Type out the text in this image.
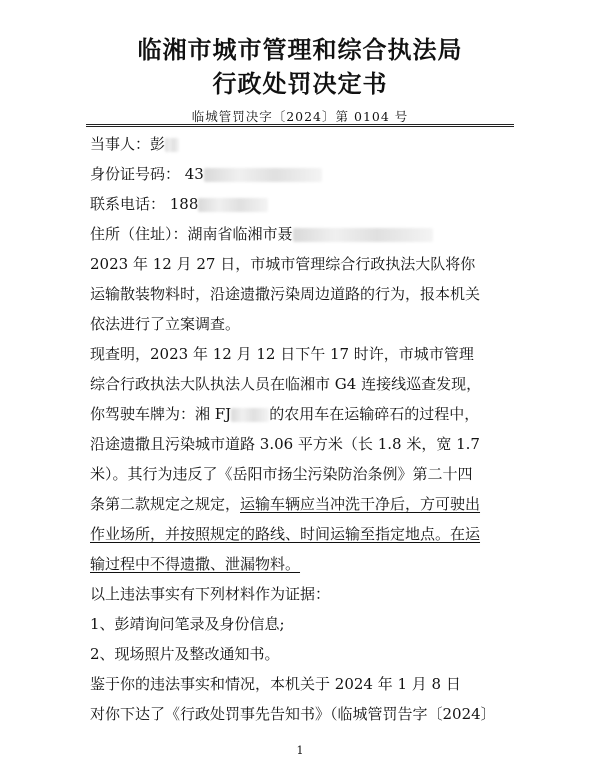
临湘市城市管理和综合执法局
行政处罚决定书
临城管罚决字〔2024〕第 0104 号
当事人：彭
身份证号码： 43
联系电话： 188
住所（住址）：湖南省临湘市聂
2023 年 12 月 27 日，市城市管理综合行政执法大队将你
运输散装物料时，沿途遗撒污染周边道路的行为，报本机关
依法进行了立案调查。
现查明，2023 年 12 月 12 日下午 17 时许，市城市管理
综合行政执法大队执法人员在临湘市 G4 连接线巡查发现，
你驾驶车牌为：湘 FJ	的农用车在运输碎石的过程中，
沿途遗撒且污染城市道路 3.06 平方米（长 1.8 米，宽 1.7
米）。其行为违反了《岳阳市扬尘污染防治条例》第二十四
条第二款规定之规定，运输车辆应当冲洗干净后，方可驶出
作业场所，并按照规定的路线、时间运输至指定地点。在运
输过程中不得遗撒、泄漏物料。
以上违法事实有下列材料作为证据：
1、彭靖询问笔录及身份信息;
2、现场照片及整改通知书。
鉴于你的违法事实和情况，本机关于 2024 年 1 月 8 日
对你下达了《行政处罚事先告知书》（临城管罚告字〔2024〕
1
